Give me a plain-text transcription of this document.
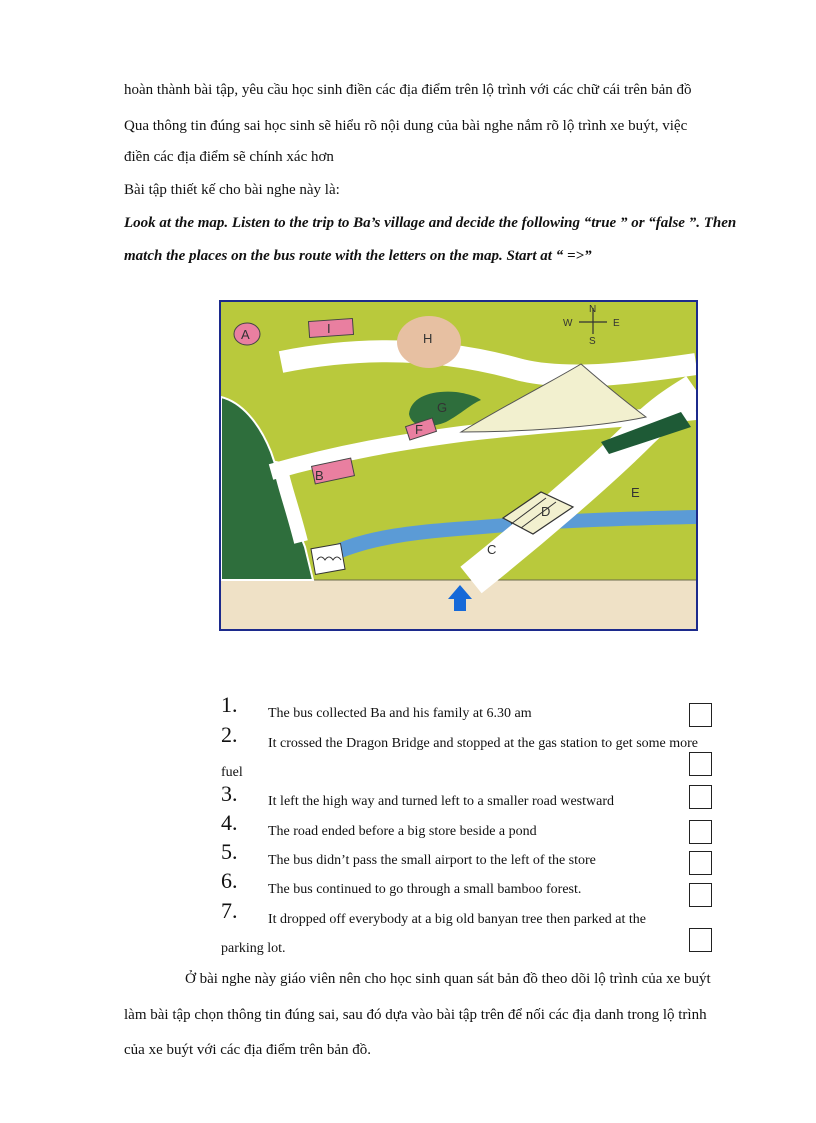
hoàn thành bài tập, yêu cầu học sinh điền các địa điểm trên lộ trình với các chữ cái trên bản đồ
Qua thông tin đúng sai học sinh sẽ hiểu rõ nội dung của bài nghe nắm rõ lộ trình xe buýt, việc
điền các địa điểm sẽ chính xác hơn
Bài tập thiết kế cho bài nghe này là:
Look at the map. Listen to the trip to Ba’s village and decide the following “true ” or “false ”. Then
match the places on the bus route with the letters on the map. Start at “ =>”
A	I
H
G
F
B
E
D
C
N
S
W	E
1. The bus collected Ba and his family at 6.30 am
2. It crossed the Dragon Bridge and stopped at the gas station to get some more
fuel
3. It left the high way and turned left to a smaller road westward
4. The road ended before a big store beside a pond
5. The bus didn’t pass the small airport to the left of the store
6. The bus continued to go through a small bamboo forest.
7. It dropped off everybody at a big old banyan tree then parked at the
parking lot.
Ở bài nghe này giáo viên nên cho học sinh quan sát bản đồ theo dõi lộ trình của xe buýt
làm bài tập chọn thông tin đúng sai, sau đó dựa vào bài tập trên để nối các địa danh trong lộ trình
của xe buýt với các địa điểm trên bản đồ.
